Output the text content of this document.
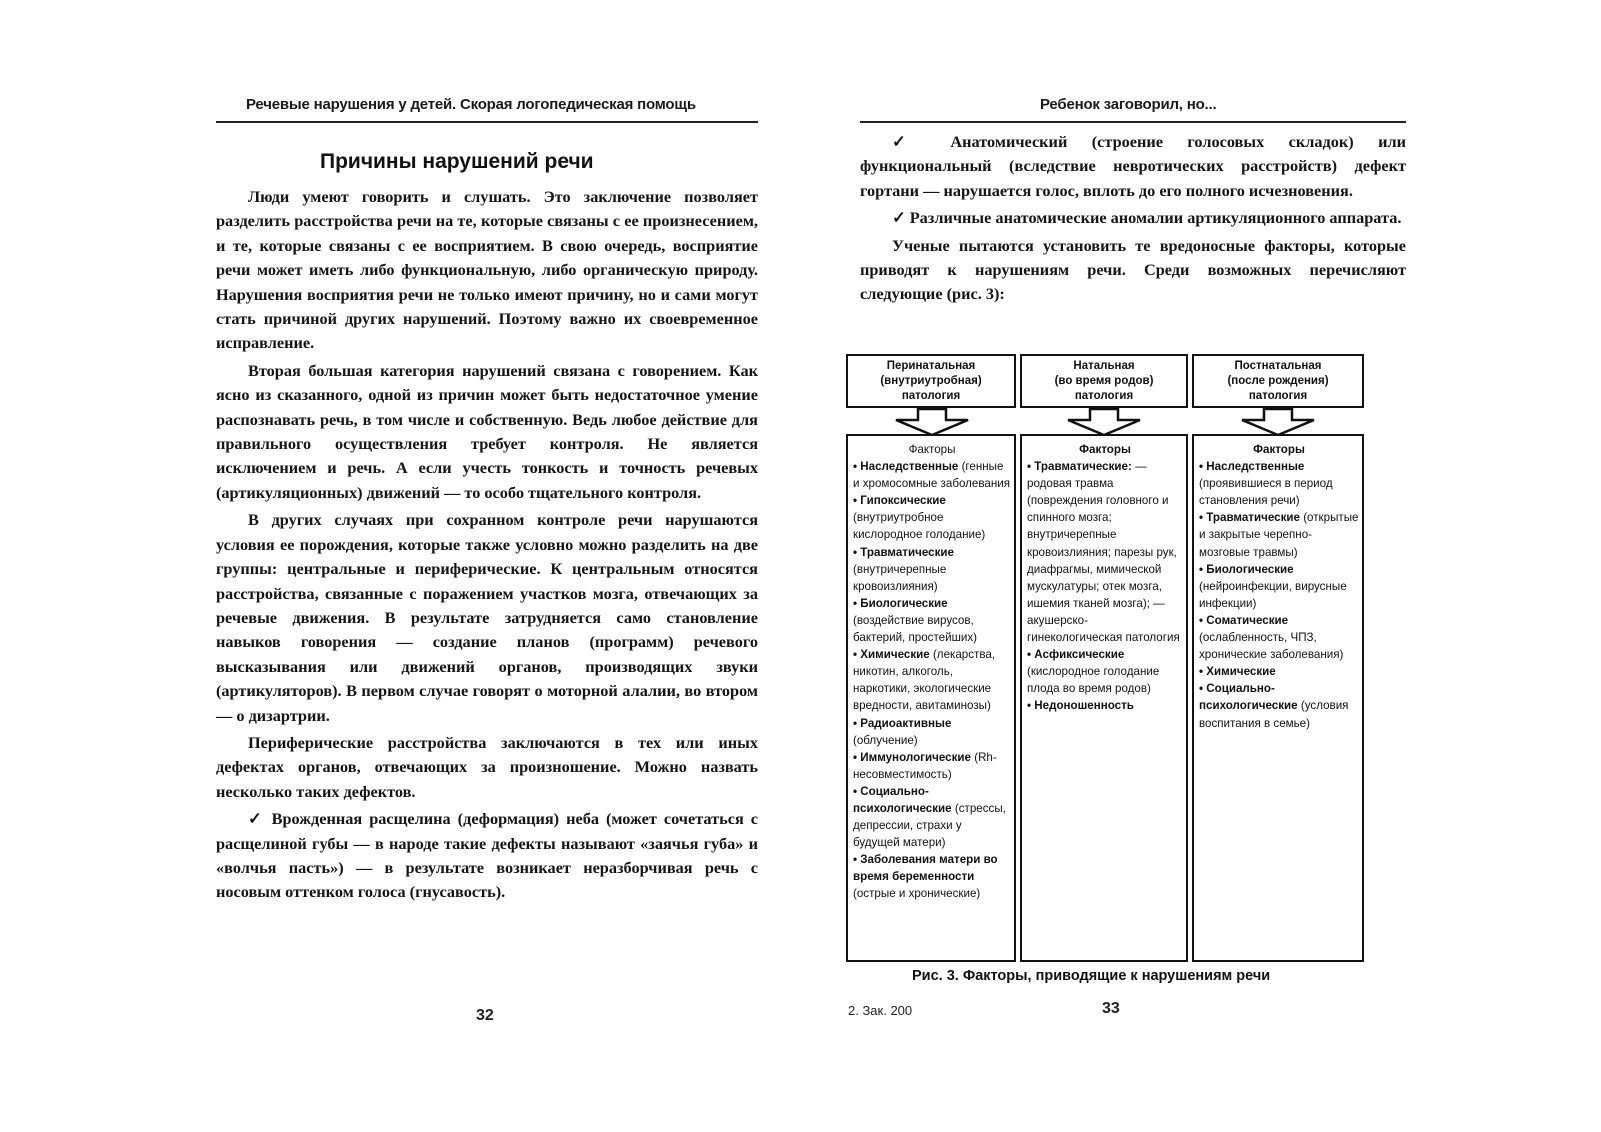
Речевые нарушения у детей. Скорая логопедическая помощь
Причины нарушений речи

Люди умеют говорить и слушать. Это заключение позволяет разделить расстройства речи на те, которые связаны с ее произнесением, и те, которые связаны с ее восприятием. В свою очередь, восприятие речи может иметь либо функциональную, либо органическую природу. Нарушения восприятия речи не только имеют причину, но и сами могут стать причиной других нарушений. Поэтому важно их своевременное исправление.

Вторая большая категория нарушений связана с говорением. Как ясно из сказанного, одной из причин может быть недостаточное умение распознавать речь, в том числе и собственную. Ведь любое действие для правильного осуществления требует контроля. Не является исключением и речь. А если учесть тонкость и точность речевых (артикуляционных) движений — то особо тщательного контроля.

В других случаях при сохранном контроле речи нарушаются условия ее порождения, которые также условно можно разделить на две группы: центральные и периферические. К центральным относятся расстройства, связанные с поражением участков мозга, отвечающих за речевые движения. В результате затрудняется само становление навыков говорения — создание планов (программ) речевого высказывания или движений органов, производящих звуки (артикуляторов). В первом случае говорят о моторной алалии, во втором — о дизартрии.

Периферические расстройства заключаются в тех или иных дефектах органов, отвечающих за произношение. Можно назвать несколько таких дефектов.

✓ Врожденная расщелина (деформация) неба (может сочетаться с расщелиной губы — в народе такие дефекты называют «заячья губа» и «волчья пасть») — в результате возникает неразборчивая речь с носовым оттенком голоса (гнусавость).

32
Ребенок заговорил, но...

✓ Анатомический (строение голосовых складок) или функциональный (вследствие невротических расстройств) дефект гортани — нарушается голос, вплоть до его полного исчезновения.

✓ Различные анатомические аномалии артикуляционного аппарата.

Ученые пытаются установить те вредоносные факторы, которые приводят к нарушениям речи. Среди возможных перечисляют следующие (рис. 3):

Перинатальная
(внутриутробная)
патология
Натальная
(во время родов)
патология
Постнатальная
(после рождения)
патология
Факторы
• Наследственные (генные и хромосомные заболевания
• Гипоксические (внутриутробное кислородное голодание)
• Травматические (внутричерепные кровоизлияния)
• Биологические (воздействие вирусов, бактерий, простейших)
• Химические (лекарства, никотин, алкоголь, наркотики, экологические вредности, авитаминозы)
• Радиоактивные (облучение)
• Иммунологические (Rh-несовместимость)
• Социально-психологические (стрессы, депрессии, страхи у будущей матери)
• Заболевания матери во время беременности (острые и хронические)
Факторы
• Травматические: — родовая травма (повреждения головного и спинного мозга; внутричерепные кровоизлияния; парезы рук, диафрагмы, мимической мускулатуры; отек мозга, ишемия тканей мозга); — акушерско-гинекологическая патология
• Асфиксические (кислородное голодание плода во время родов)
• Недоношенность
Факторы
• Наследственные (проявившиеся в период становления речи)
• Травматические (открытые и закрытые черепно-мозговые травмы)
• Биологические (нейроинфекции, вирусные инфекции)
• Соматические (ослабленность, ЧПЗ, хронические заболевания)
• Химические
• Социально-психологические (условия воспитания в семье)
Рис. 3. Факторы, приводящие к нарушениям речи
2. Зак. 200	33
